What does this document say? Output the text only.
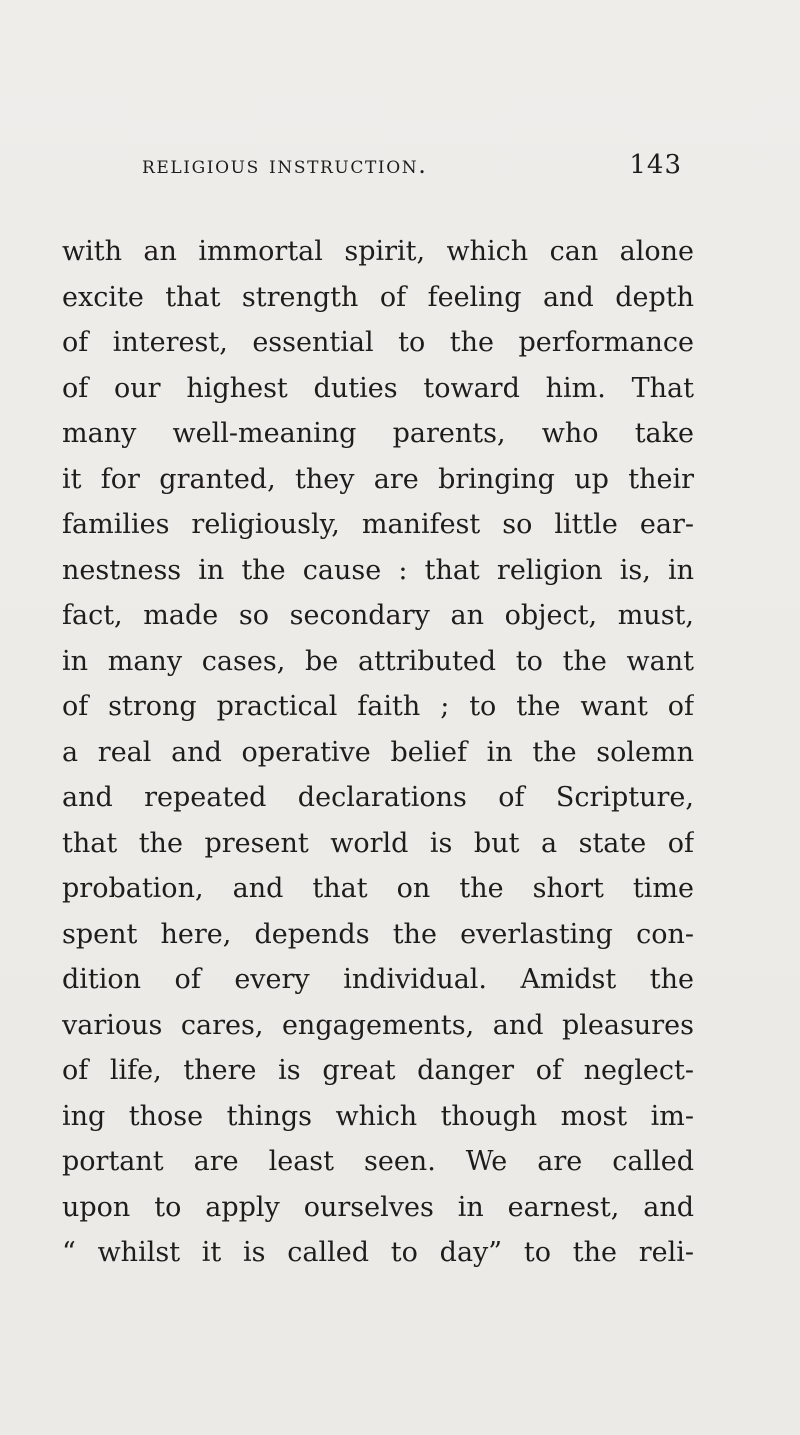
religious instruction.	143
with an immortal spirit, which can alone
excite that strength of feeling and depth
of interest, essential to the performance
of our highest duties toward him. That
many well-meaning parents, who take
it for granted, they are bringing up their
families religiously, manifest so little ear-
nestness in the cause : that religion is, in
fact, made so secondary an object, must,
in many cases, be attributed to the want
of strong practical faith ; to the want of
a real and operative belief in the solemn
and repeated declarations of Scripture,
that the present world is but a state of
probation, and that on the short time
spent here, depends the everlasting con-
dition of every individual. Amidst the
various cares, engagements, and pleasures
of life, there is great danger of neglect-
ing those things which though most im-
portant are least seen. We are called
upon to apply ourselves in earnest, and
“ whilst it is called to day” to the reli-
